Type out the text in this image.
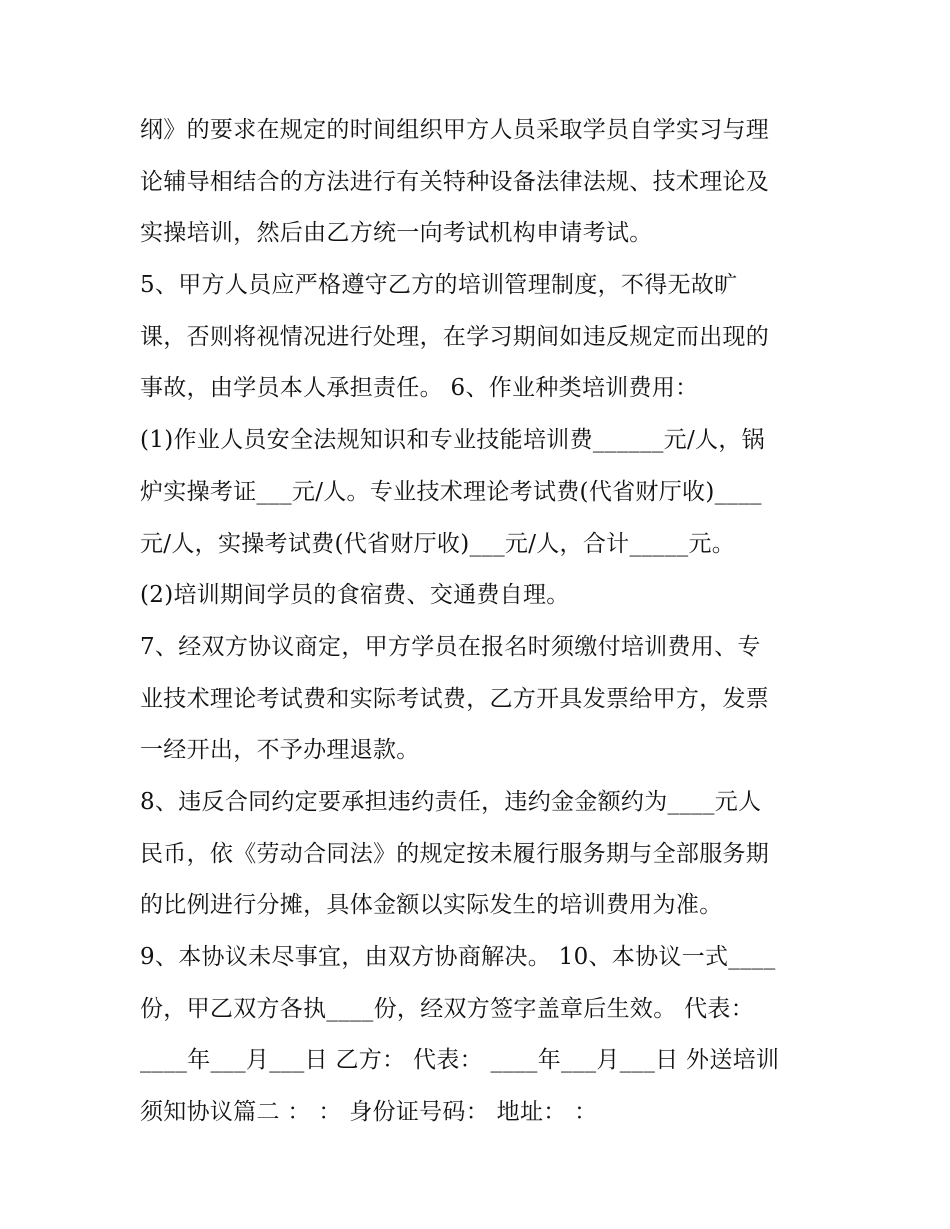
纲》的要求在规定的时间组织甲方人员采取学员自学实习与理
论辅导相结合的方法进行有关特种设备法律法规、技术理论及
实操培训，然后由乙方统一向考试机构申请考试。
5、甲方人员应严格遵守乙方的培训管理制度，不得无故旷
课，否则将视情况进行处理，在学习期间如违反规定而出现的
事故，由学员本人承担责任。 6、作业种类培训费用：
(1)作业人员安全法规知识和专业技能培训费______元/人，锅
炉实操考证___元/人。专业技术理论考试费(代省财厅收)____
元/人，实操考试费(代省财厅收)___元/人，合计_____元。
(2)培训期间学员的食宿费、交通费自理。
7、经双方协议商定，甲方学员在报名时须缴付培训费用、专
业技术理论考试费和实际考试费，乙方开具发票给甲方，发票
一经开出，不予办理退款。
8、违反合同约定要承担违约责任，违约金金额约为____元人
民币，依《劳动合同法》的规定按未履行服务期与全部服务期
的比例进行分摊，具体金额以实际发生的培训费用为准。
9、本协议未尽事宜，由双方协商解决。 10、本协议一式____
份，甲乙双方各执____份，经双方签字盖章后生效。 代表：
____年___月___日 乙方： 代表： ____年___月___日 外送培训
须知协议篇二 ： ： 身份证号码： 地址： ：
